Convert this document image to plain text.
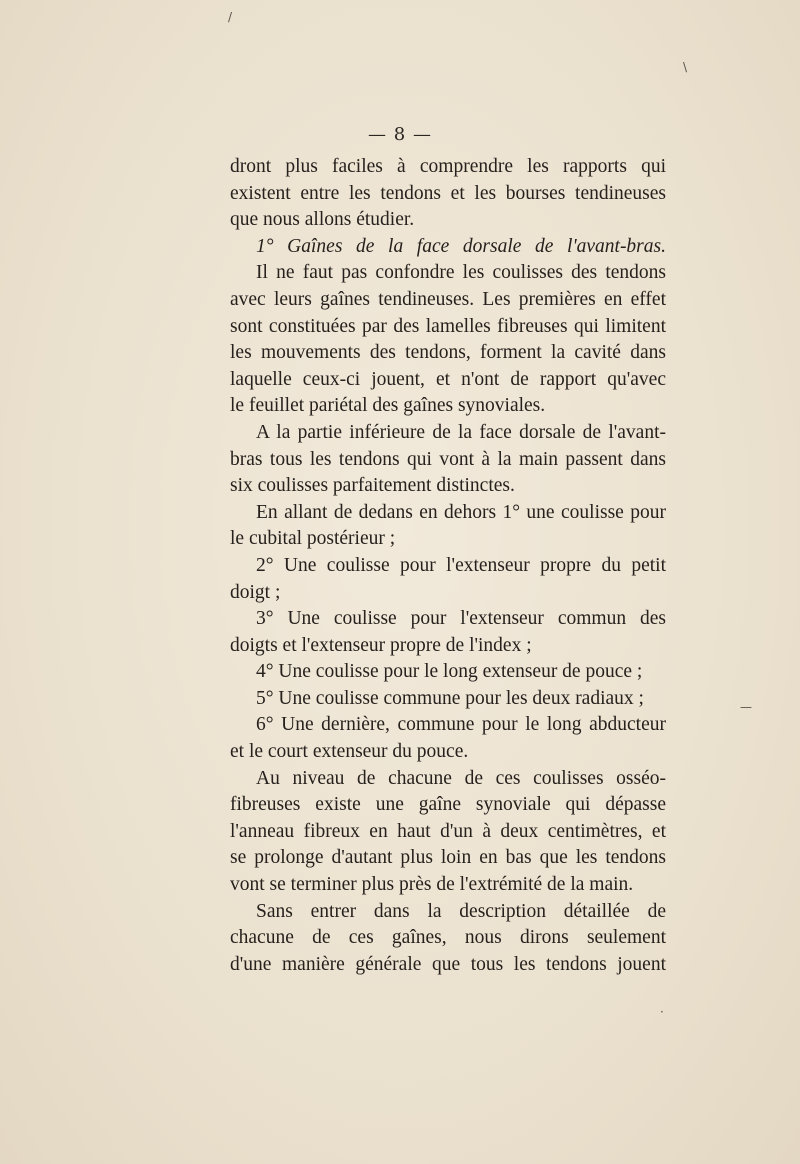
— 8 —
dront plus faciles à comprendre les rapports qui
existent entre les tendons et les bourses tendineuses
que nous allons étudier.
1° Gaînes de la face dorsale de l'avant-bras.
Il ne faut pas confondre les coulisses des tendons
avec leurs gaînes tendineuses. Les premières en effet
sont constituées par des lamelles fibreuses qui limitent
les mouvements des tendons, forment la cavité dans
laquelle ceux-ci jouent, et n'ont de rapport qu'avec
le feuillet pariétal des gaînes synoviales.
A la partie inférieure de la face dorsale de l'avant-
bras tous les tendons qui vont à la main passent dans
six coulisses parfaitement distinctes.
En allant de dedans en dehors 1° une coulisse pour
le cubital postérieur ;
2° Une coulisse pour l'extenseur propre du petit
doigt ;
3° Une coulisse pour l'extenseur commun des
doigts et l'extenseur propre de l'index ;
4° Une coulisse pour le long extenseur de pouce ;
5° Une coulisse commune pour les deux radiaux ;
6° Une dernière, commune pour le long abducteur
et le court extenseur du pouce.
Au niveau de chacune de ces coulisses osséo-
fibreuses existe une gaîne synoviale qui dépasse
l'anneau fibreux en haut d'un à deux centimètres, et
se prolonge d'autant plus loin en bas que les tendons
vont se terminer plus près de l'extrémité de la main.
Sans entrer dans la description détaillée de
chacune de ces gaînes, nous dirons seulement
d'une manière générale que tous les tendons jouent
/
\
—
·
